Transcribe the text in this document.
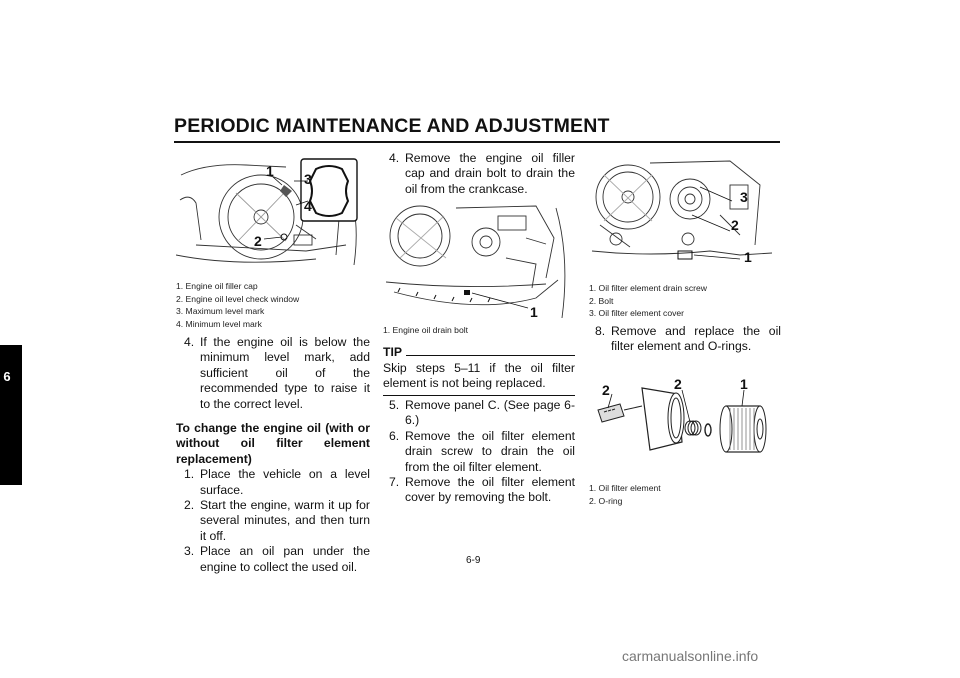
PERIODIC MAINTENANCE AND ADJUSTMENT
6
1
2
3
4
1. Engine oil filler cap
2. Engine oil level check window
3. Maximum level mark
4. Minimum level mark
4. If the engine oil is below the minimum level mark, add sufficient oil of the recommended type to raise it to the correct level.
To change the engine oil (with or without oil filter element replacement)
1. Place the vehicle on a level surface.
2. Start the engine, warm it up for several minutes, and then turn it off.
3. Place an oil pan under the engine to collect the used oil.
4. Remove the engine oil filler cap and drain bolt to drain the oil from the crankcase.
1
1. Engine oil drain bolt
TIP
Skip steps 5–11 if the oil filter element is not being replaced.
5. Remove panel C. (See page 6-6.)
6. Remove the oil filter element drain screw to drain the oil from the oil filter element.
7. Remove the oil filter element cover by removing the bolt.
3
2
1
1. Oil filter element drain screw
2. Bolt
3. Oil filter element cover
8. Remove and replace the oil filter element and O-rings.
2	2	1
1. Oil filter element
2. O-ring
6-9
carmanualsonline.info
